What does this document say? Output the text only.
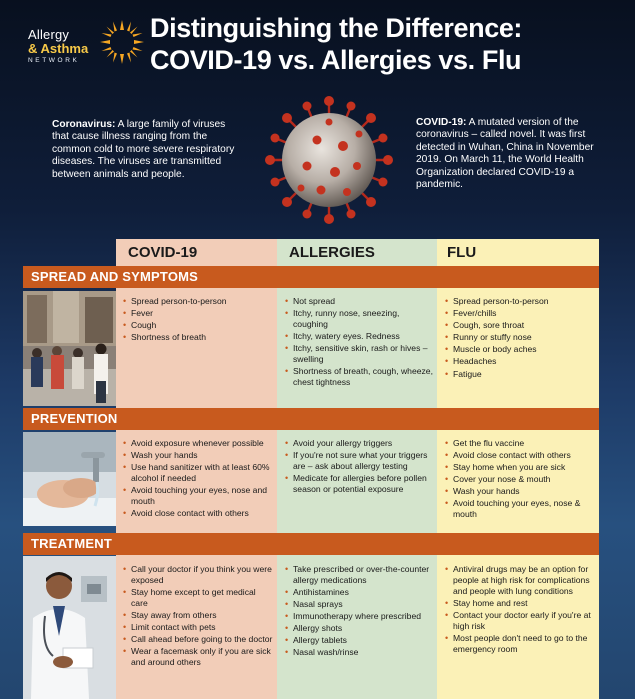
Allergy
& Asthma
NETWORK
Distinguishing the Difference:
COVID-19 vs. Allergies vs. Flu
Coronavirus: A large family of viruses that cause illness ranging from the common cold to more severe respiratory diseases. The viruses are transmitted between animals and people.
COVID-19: A mutated version of the coronavirus – called novel. It was first detected in Wuhan, China in November 2019. On March 11, the World Health Organization declared COVID-19 a pandemic.
COVID-19	ALLERGIES	FLU
SPREAD AND SYMPTOMS
• Spread person-to-person
• Fever
• Cough
• Shortness of breath
• Not spread
• Itchy, runny nose, sneezing, coughing
• Itchy, watery eyes. Redness
• Itchy, sensitive skin, rash or hives – swelling
• Shortness of breath, cough, wheeze, chest tightness
• Spread person-to-person
• Fever/chills
• Cough, sore throat
• Runny or stuffy nose
• Muscle or body aches
• Headaches
• Fatigue
PREVENTION
• Avoid exposure whenever possible
• Wash your hands
• Use hand sanitizer with at least 60% alcohol if needed
• Avoid touching your eyes, nose and mouth
• Avoid close contact with others
• Avoid your allergy triggers
• If you're not sure what your triggers are – ask about allergy testing
• Medicate for allergies before pollen season or potential exposure
• Get the flu vaccine
• Avoid close contact with others
• Stay home when you are sick
• Cover your nose & mouth
• Wash your hands
• Avoid touching your eyes, nose & mouth
TREATMENT
• Call your doctor if you think you were exposed
• Stay home except to get medical care
• Stay away from others
• Limit contact with pets
• Call ahead before going to the doctor
• Wear a facemask only if you are sick and around others
• Take prescribed or over-the-counter allergy medications
• Antihistamines
• Nasal sprays
• Immunotherapy where prescribed
• Allergy shots
• Allergy tablets
• Nasal wash/rinse
• Antiviral drugs may be an option for people at high risk for complications and people with lung conditions
• Stay home and rest
• Contact your doctor early if you're at high risk
• Most people don't need to go to the emergency room
